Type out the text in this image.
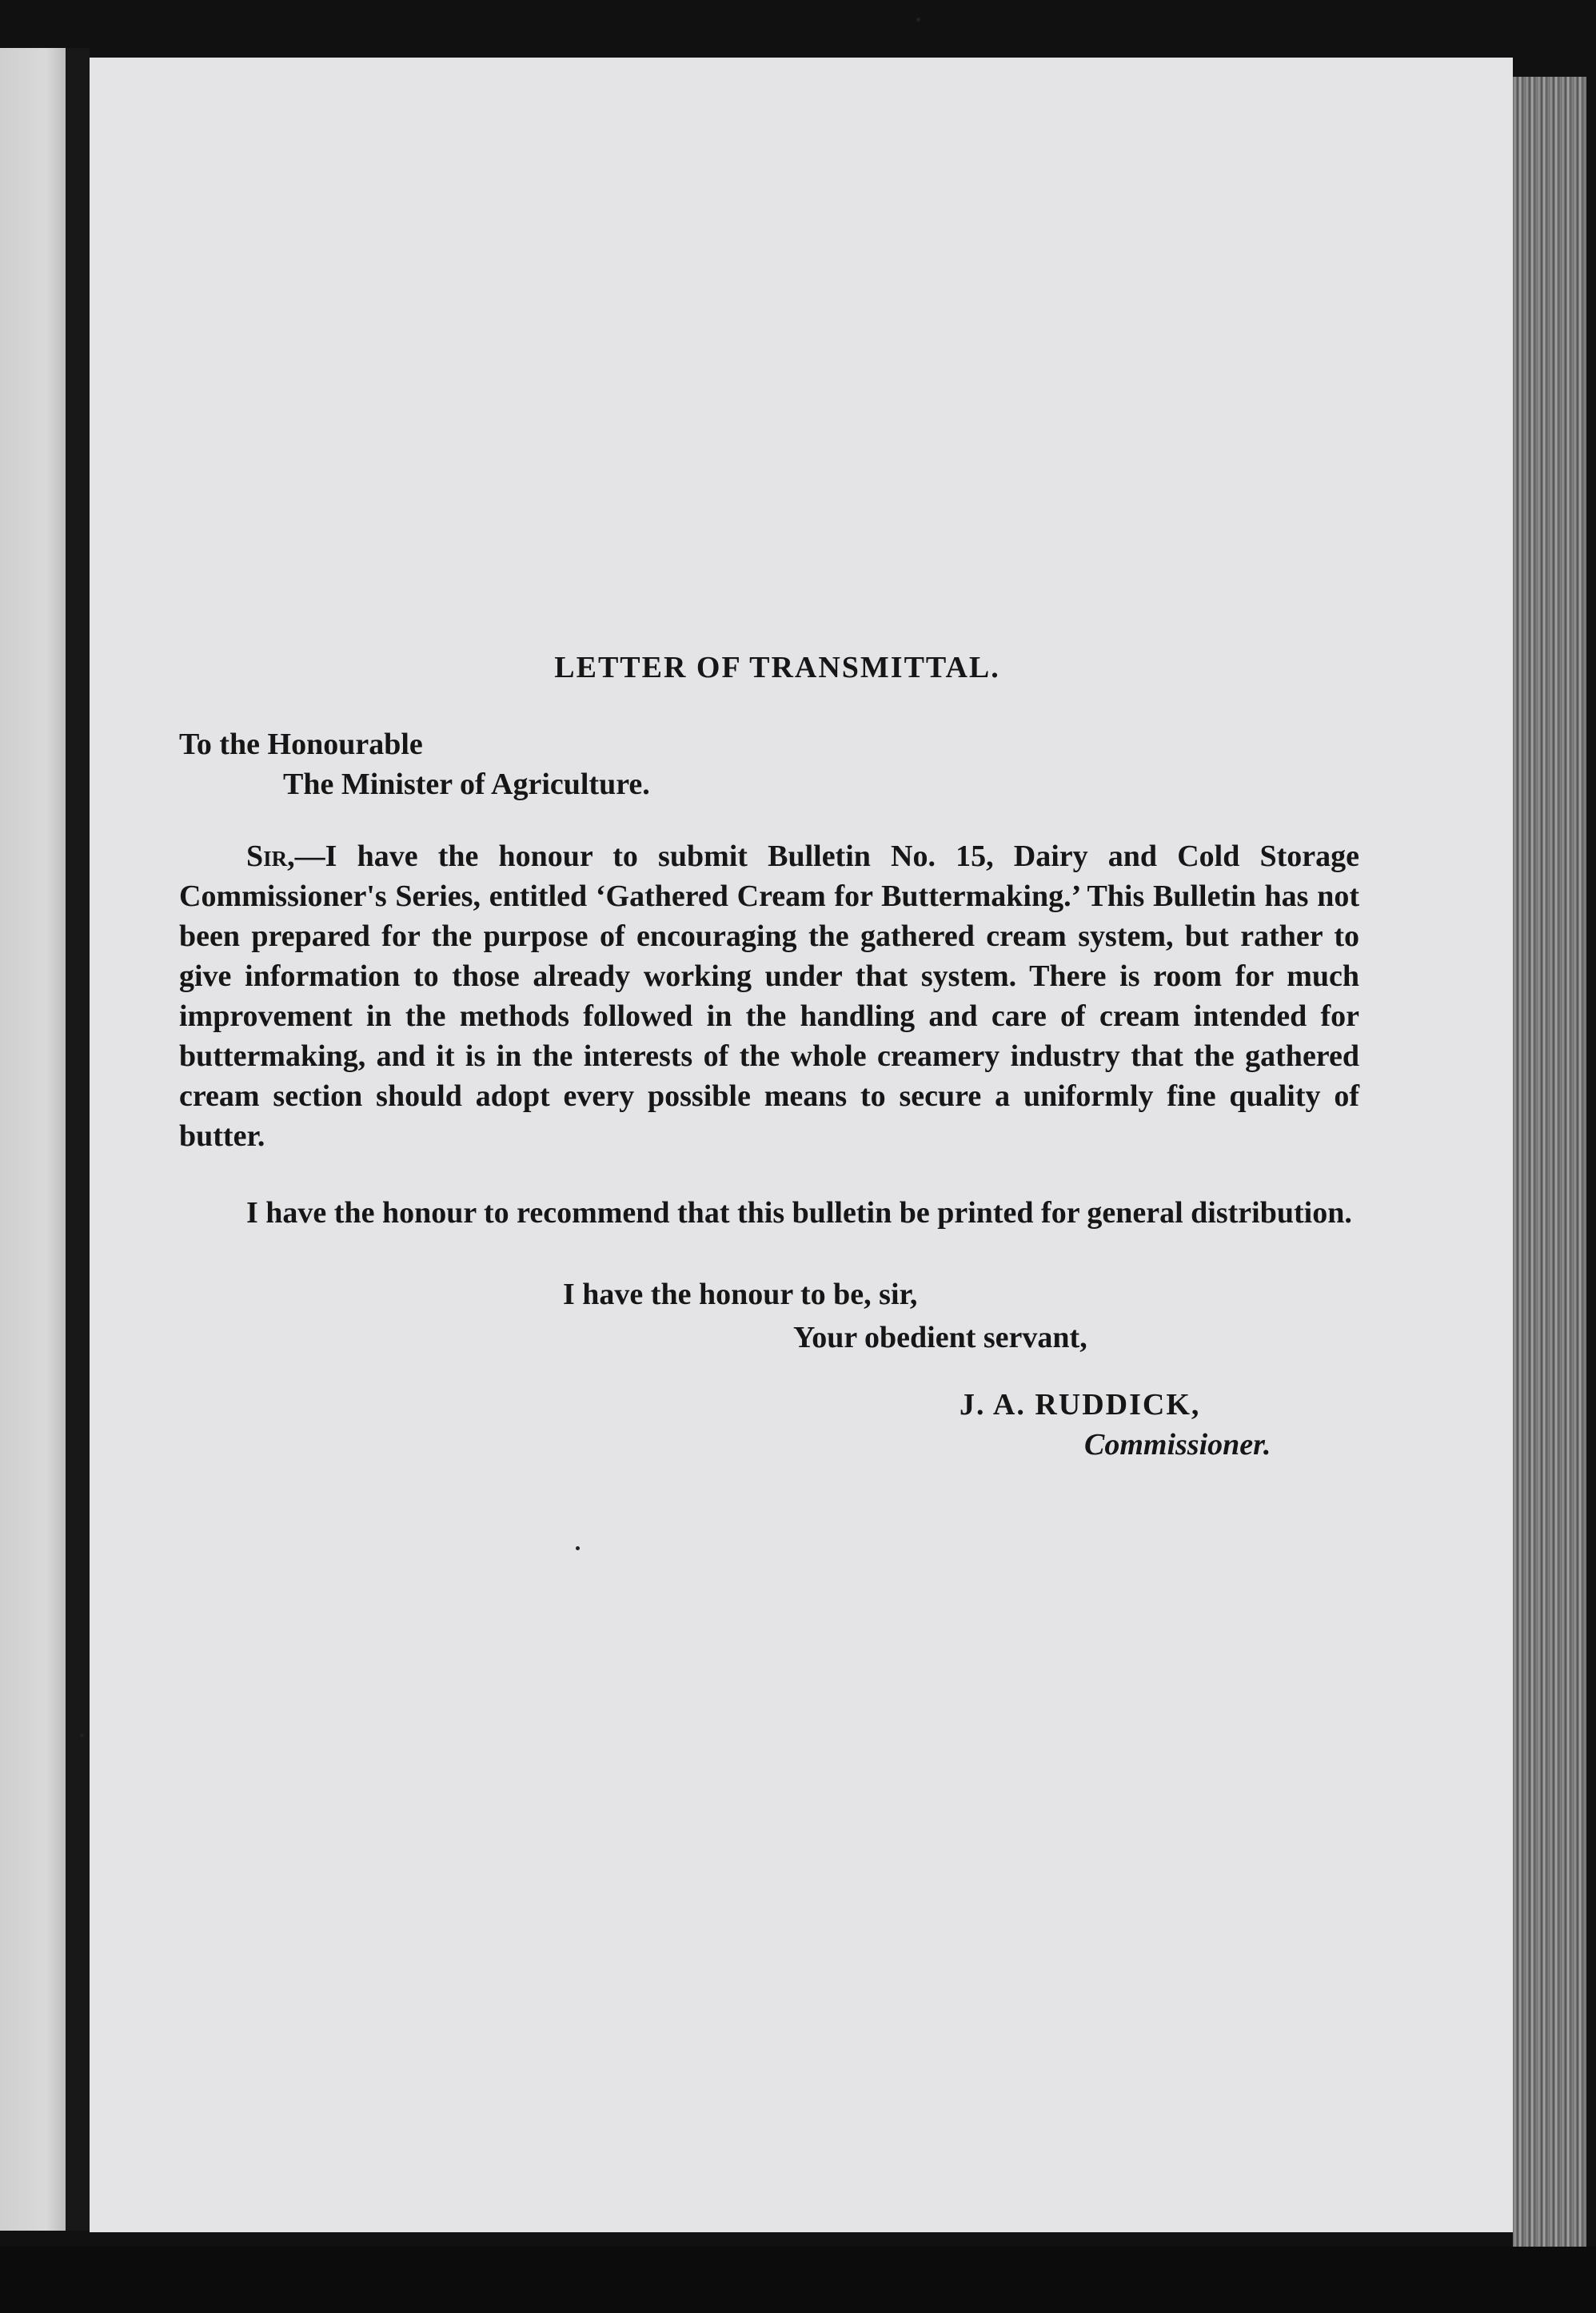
LETTER OF TRANSMITTAL.

To the Honourable

The Minister of Agriculture.

Sir,—I have the honour to submit Bulletin No. 15, Dairy and Cold Storage Commissioner's Series, entitled ‘Gathered Cream for Buttermaking.’ This Bulletin has not been prepared for the purpose of encouraging the gathered cream system, but rather to give information to those already working under that system. There is room for much improvement in the methods followed in the handling and care of cream intended for buttermaking, and it is in the interests of the whole creamery industry that the gathered cream section should adopt every possible means to secure a uniformly fine quality of butter.

I have the honour to recommend that this bulletin be printed for general distribution.

I have the honour to be, sir,

Your obedient servant,

J. A. RUDDICK,

Commissioner.
